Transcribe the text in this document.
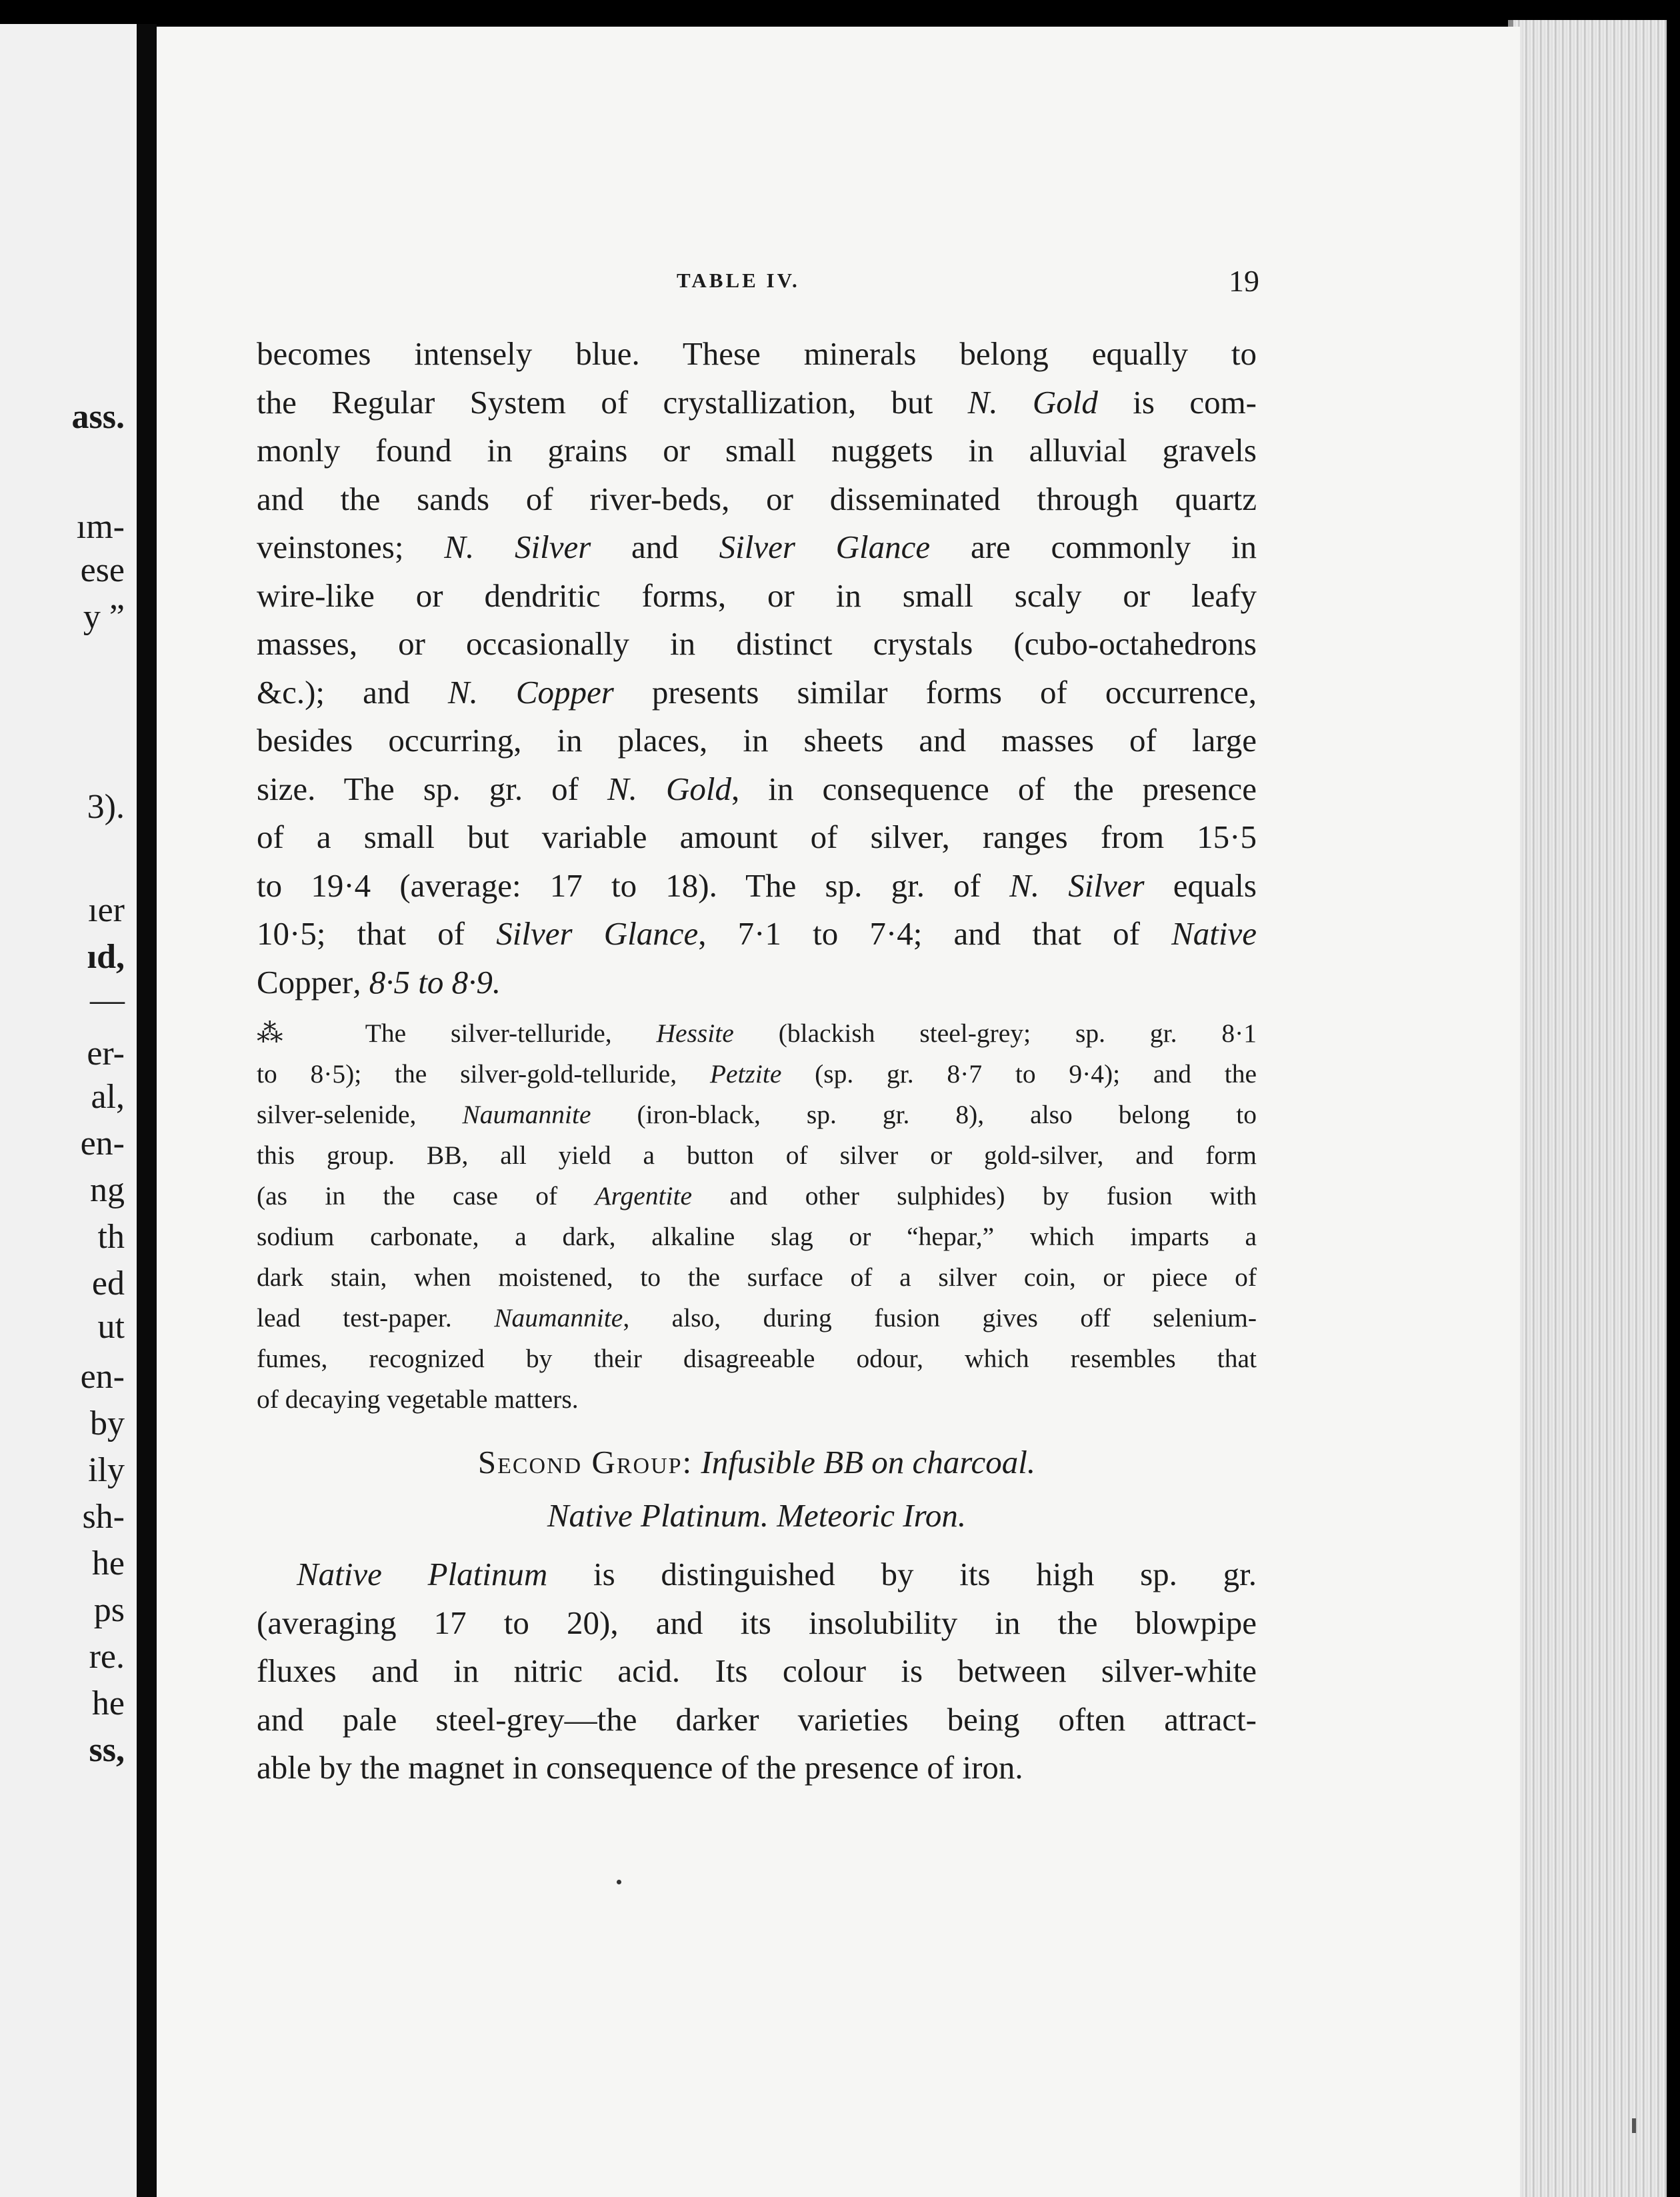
ass.
ım-
ese
y ”
3).
ıer
ıd,
—
er-
al,
en-
ng
th
ed
ut
en-
by
ily
sh-
he
ps
re.
he
ss,
TABLE IV.	19

becomes intensely blue. These minerals belong equally to
the Regular System of crystallization, but N. Gold is com-
monly found in grains or small nuggets in alluvial gravels
and the sands of river-beds, or disseminated through quartz
veinstones; N. Silver and Silver Glance are commonly in
wire-like or dendritic forms, or in small scaly or leafy
masses, or occasionally in distinct crystals (cubo-octahedrons
&c.); and N. Copper presents similar forms of occurrence,
besides occurring, in places, in sheets and masses of large
size. The sp. gr. of N. Gold, in consequence of the presence
of a small but variable amount of silver, ranges from 15·5
to 19·4 (average: 17 to 18). The sp. gr. of N. Silver equals
10·5; that of Silver Glance, 7·1 to 7·4; and that of Native
Copper, 8·5 to 8·9.

⁂ The silver-telluride, Hessite (blackish steel-grey; sp. gr. 8·1
to 8·5); the silver-gold-telluride, Petzite (sp. gr. 8·7 to 9·4); and the
silver-selenide, Naumannite (iron-black, sp. gr. 8), also belong to
this group. BB, all yield a button of silver or gold-silver, and form
(as in the case of Argentite and other sulphides) by fusion with
sodium carbonate, a dark, alkaline slag or “hepar,” which imparts a
dark stain, when moistened, to the surface of a silver coin, or piece of
lead test-paper. Naumannite, also, during fusion gives off selenium-
fumes, recognized by their disagreeable odour, which resembles that
of decaying vegetable matters.

Second Group: Infusible BB on charcoal.

Native Platinum. Meteoric Iron.

Native Platinum is distinguished by its high sp. gr.
(averaging 17 to 20), and its insolubility in the blowpipe
fluxes and in nitric acid. Its colour is between silver-white
and pale steel-grey—the darker varieties being often attract-
able by the magnet in consequence of the presence of iron.
